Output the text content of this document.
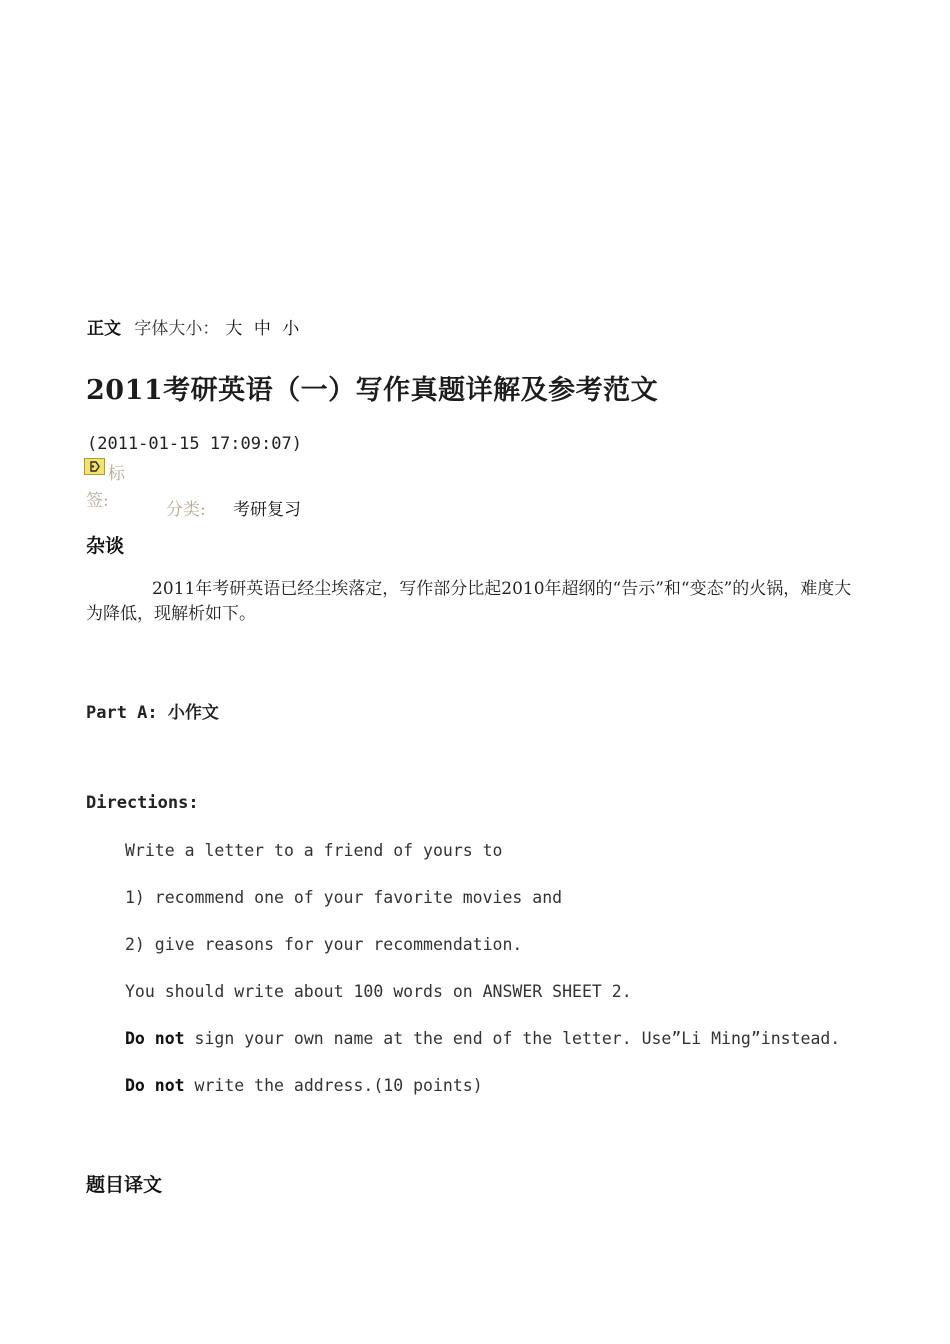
正文 字体大小： 大 中 小
2011考研英语（一）写作真题详解及参考范文
(2011-01-15 17:09:07)
标
签:	分类: 考研复习
杂谈
2011年考研英语已经尘埃落定，写作部分比起2010年超纲的“告示”和“变态”的火锅，难度大为降低，现解析如下。
Part A: 小作文
Directions:
Write a letter to a friend of yours to
1) recommend one of your favorite movies and
2) give reasons for your recommendation.
You should write about 100 words on ANSWER SHEET 2.
Do not sign your own name at the end of the letter. Use”Li Ming”instead.
Do not write the address.(10 points)
题目译文
